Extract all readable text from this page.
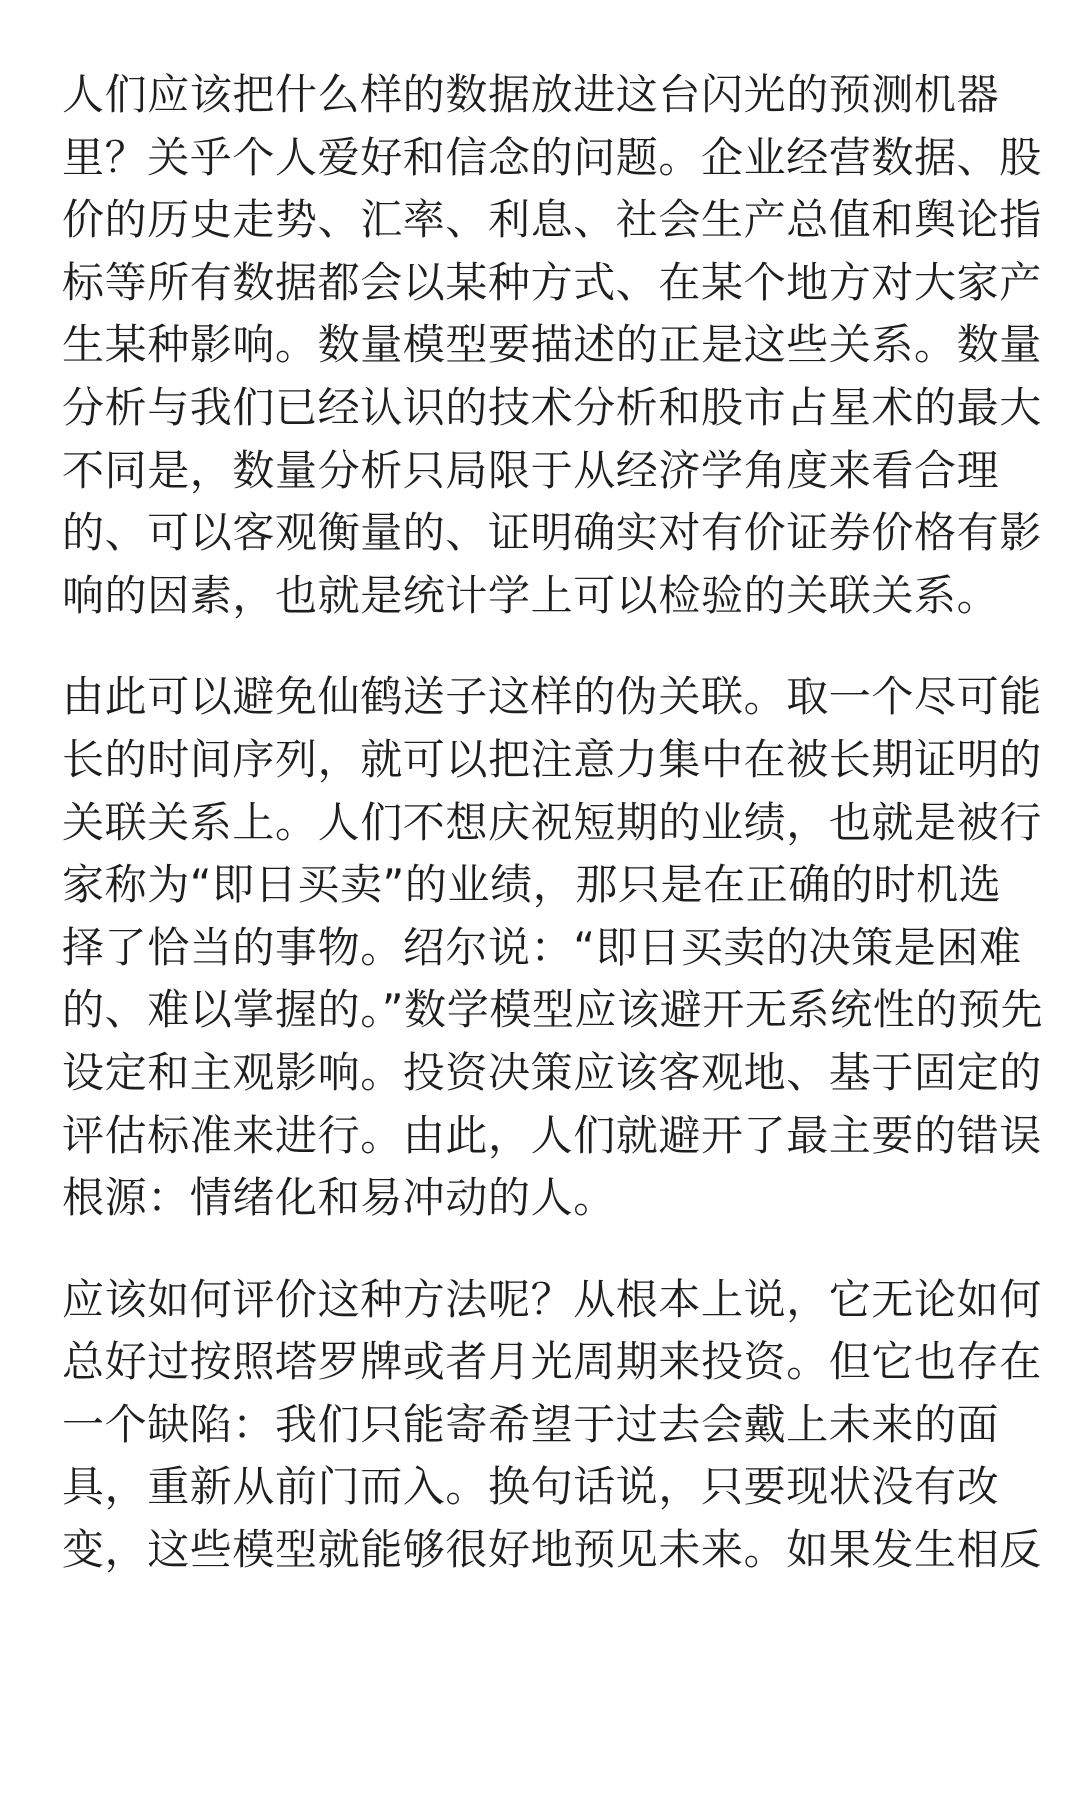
人们应该把什么样的数据放进这台闪光的预测机器
里？关乎个人爱好和信念的问题。企业经营数据、股
价的历史走势、汇率、利息、社会生产总值和舆论指
标等所有数据都会以某种方式、在某个地方对大家产
生某种影响。数量模型要描述的正是这些关系。数量
分析与我们已经认识的技术分析和股市占星术的最大
不同是，数量分析只局限于从经济学角度来看合理
的、可以客观衡量的、证明确实对有价证券价格有影
响的因素，也就是统计学上可以检验的关联关系。

由此可以避免仙鹤送子这样的伪关联。取一个尽可能
长的时间序列，就可以把注意力集中在被长期证明的
关联关系上。人们不想庆祝短期的业绩，也就是被行
家称为“即日买卖”的业绩，那只是在正确的时机选
择了恰当的事物。绍尔说：“即日买卖的决策是困难
的、难以掌握的。”数学模型应该避开无系统性的预先
设定和主观影响。投资决策应该客观地、基于固定的
评估标准来进行。由此，人们就避开了最主要的错误
根源：情绪化和易冲动的人。

应该如何评价这种方法呢？从根本上说，它无论如何
总好过按照塔罗牌或者月光周期来投资。但它也存在
一个缺陷：我们只能寄希望于过去会戴上未来的面
具，重新从前门而入。换句话说，只要现状没有改
变，这些模型就能够很好地预见未来。如果发生相反
